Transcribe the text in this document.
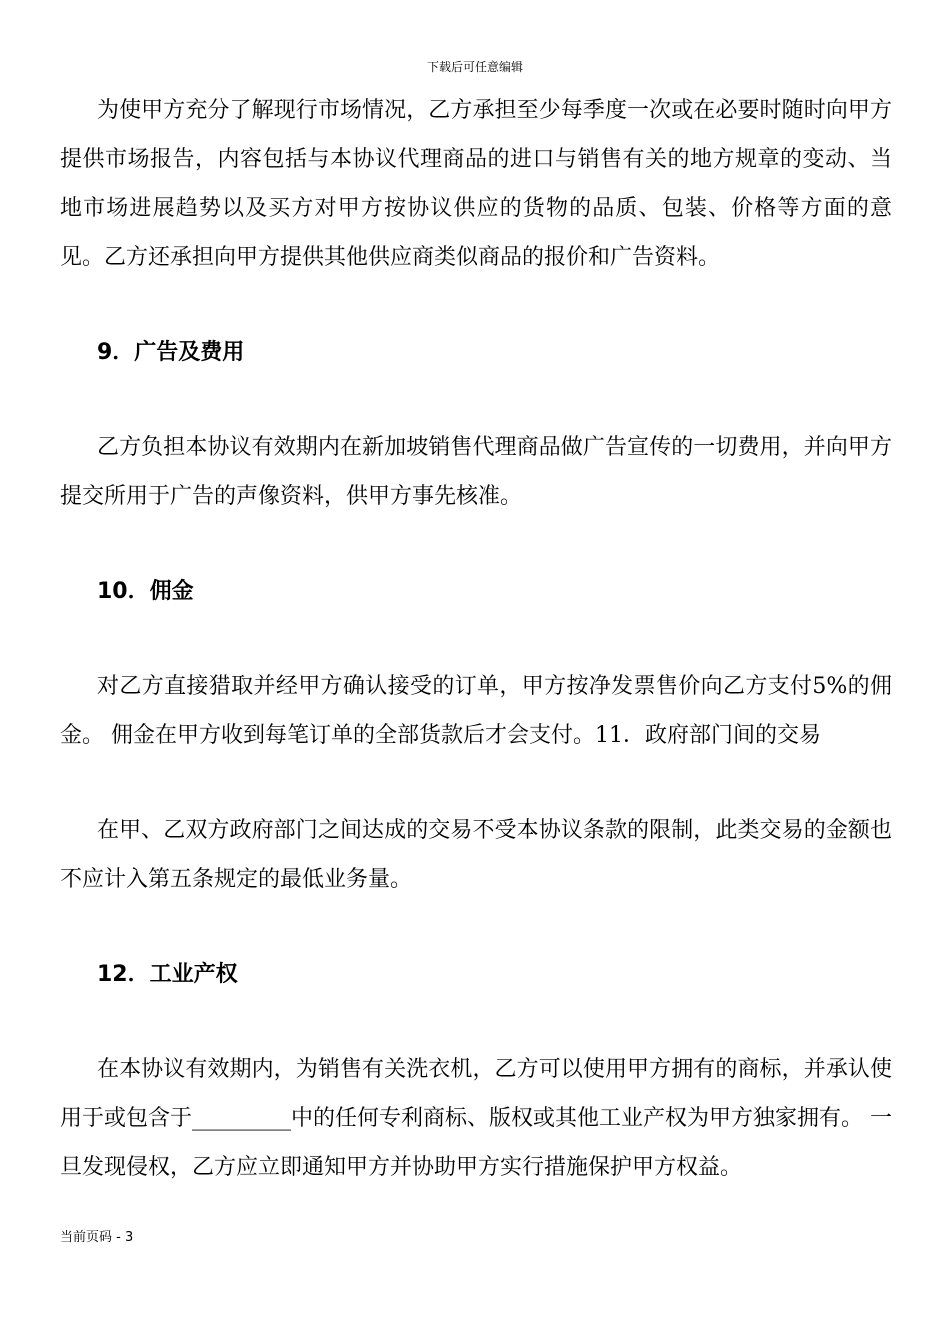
下载后可任意编辑

为使甲方充分了解现行市场情况，乙方承担至少每季度一次或在必要时随时向甲方提供市场报告，内容包括与本协议代理商品的进口与销售有关的地方规章的变动、当地市场进展趋势以及买方对甲方按协议供应的货物的品质、包装、价格等方面的意见。乙方还承担向甲方提供其他供应商类似商品的报价和广告资料。

9．广告及费用

乙方负担本协议有效期内在新加坡销售代理商品做广告宣传的一切费用，并向甲方提交所用于广告的声像资料，供甲方事先核准。

10．佣金

对乙方直接猎取并经甲方确认接受的订单，甲方按净发票售价向乙方支付5%的佣金。 佣金在甲方收到每笔订单的全部货款后才会支付。11．政府部门间的交易

在甲、乙双方政府部门之间达成的交易不受本协议条款的限制，此类交易的金额也不应计入第五条规定的最低业务量。

12．工业产权

在本协议有效期内，为销售有关洗衣机，乙方可以使用甲方拥有的商标，并承认使用于或包含于_________中的任何专利商标、版权或其他工业产权为甲方独家拥有。 一旦发现侵权，乙方应立即通知甲方并协助甲方实行措施保护甲方权益。

当前页码 - 3
